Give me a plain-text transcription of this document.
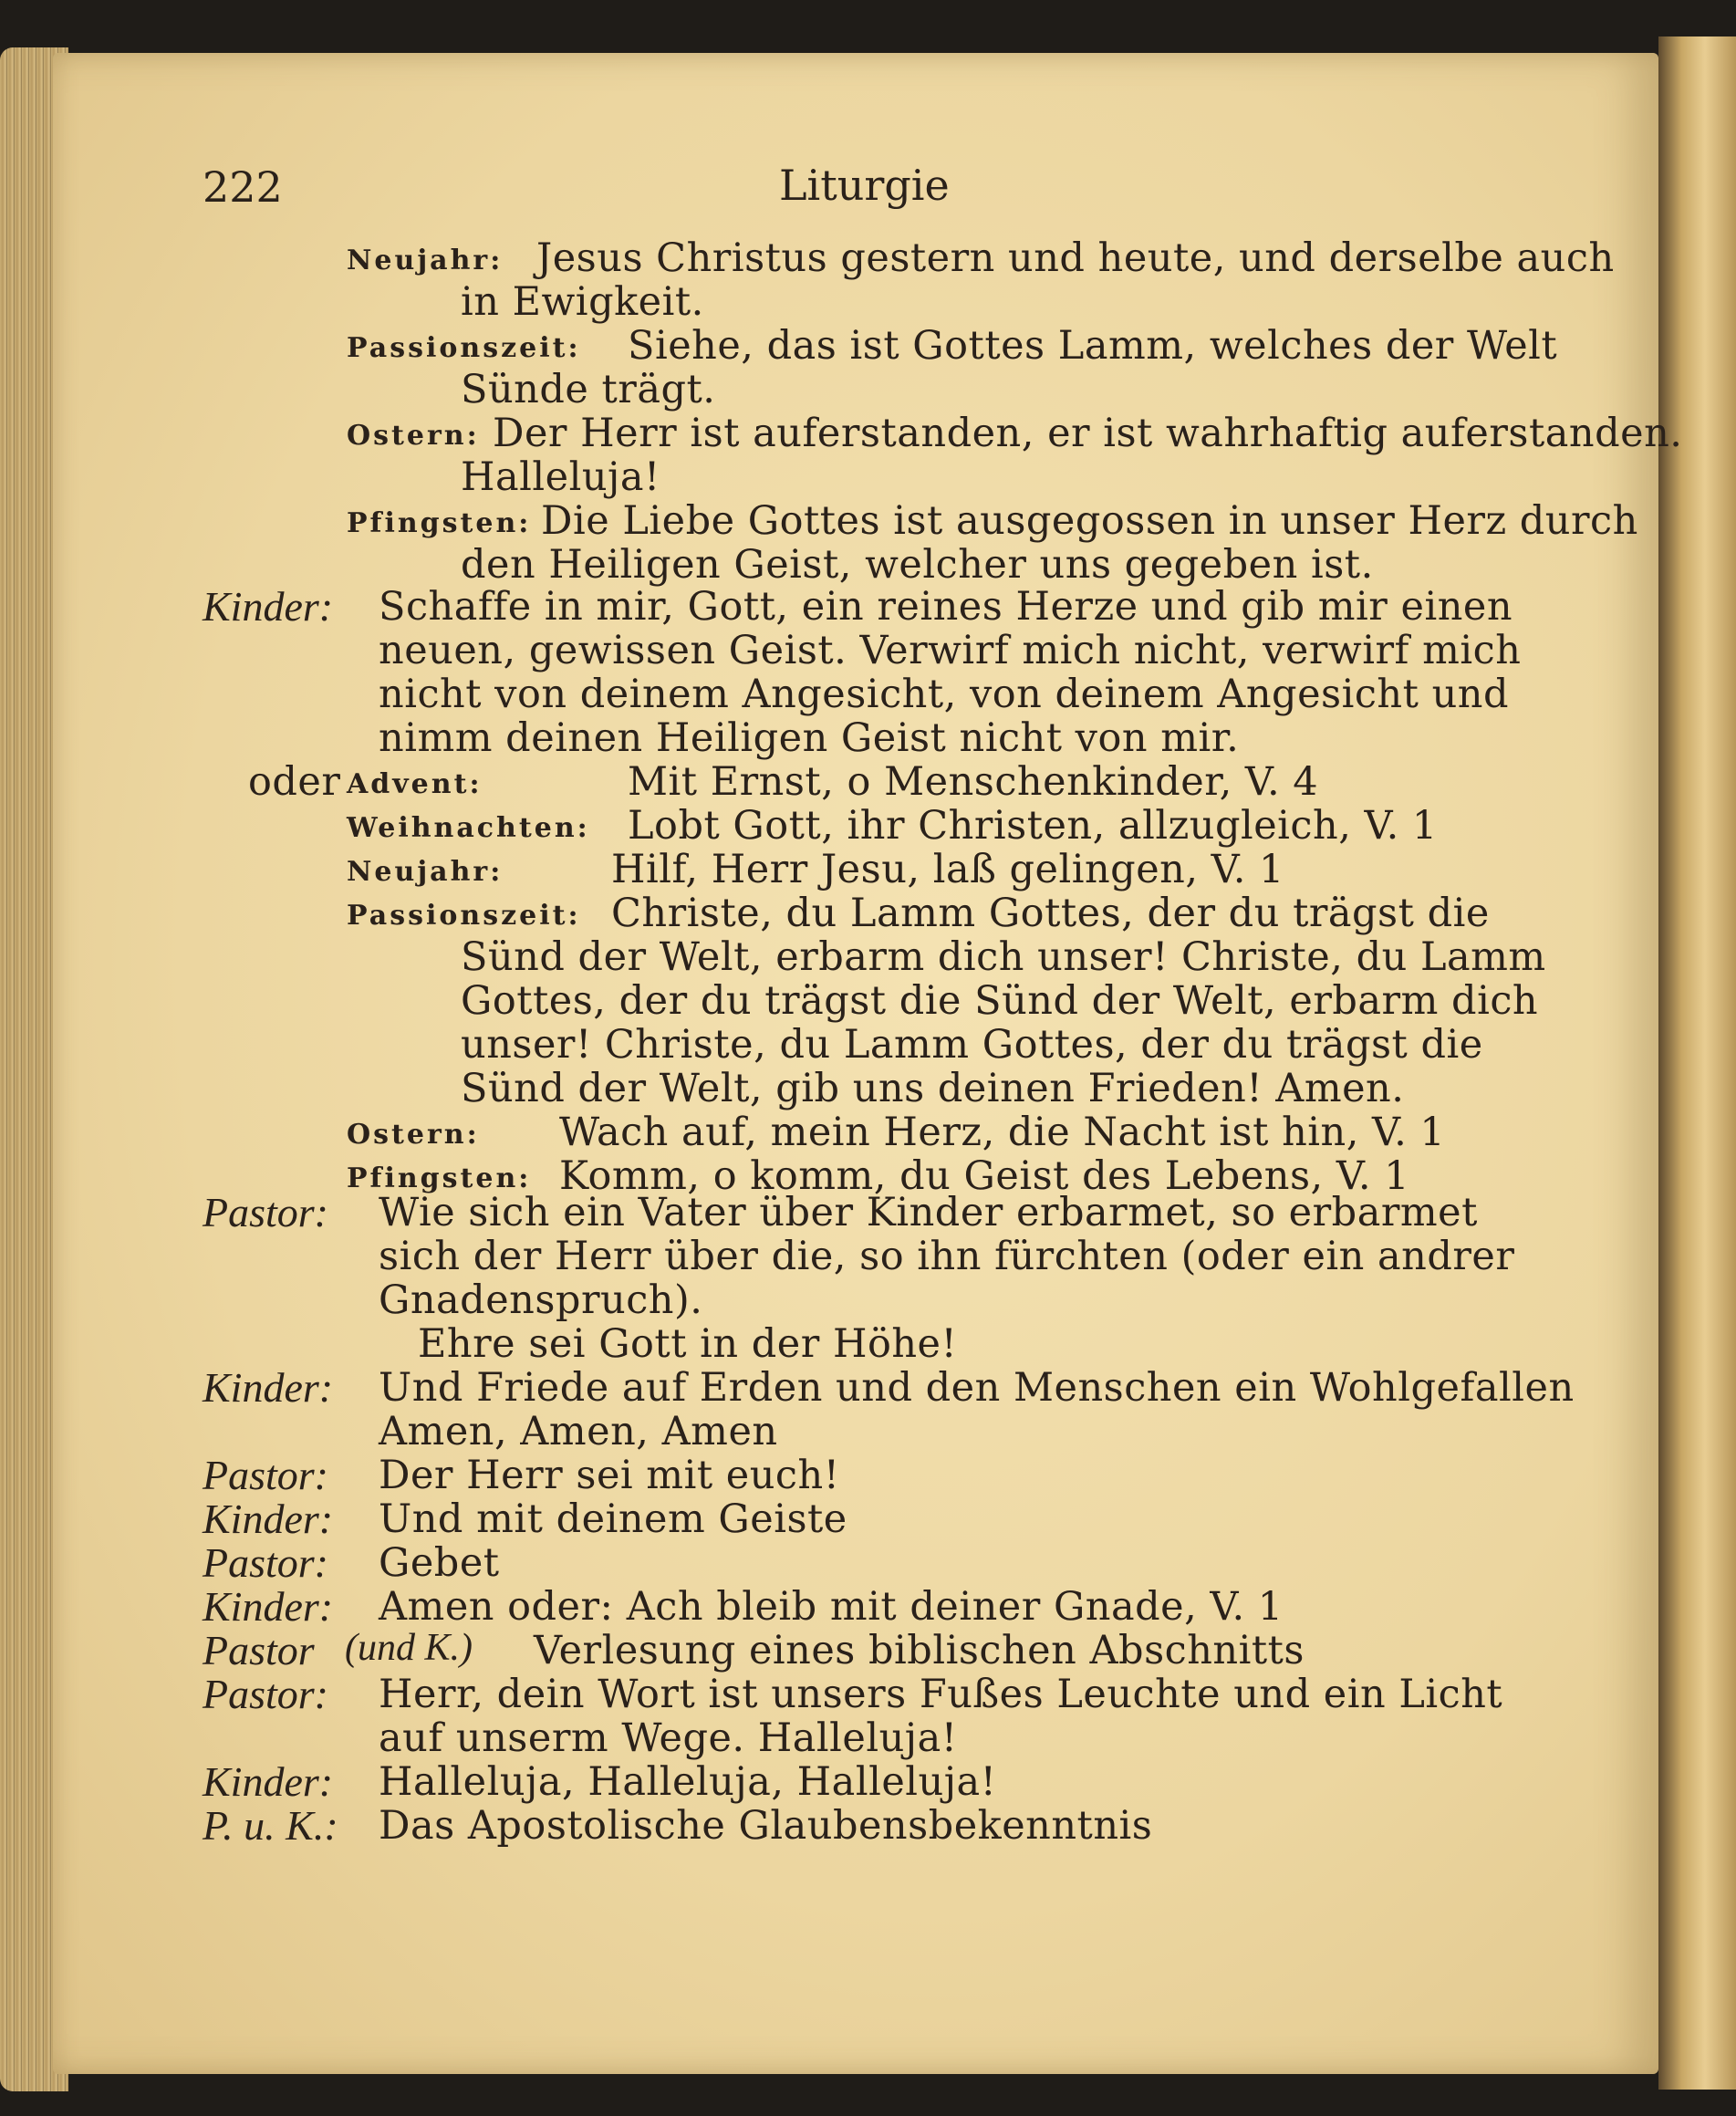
222	Liturgie
Neujahr: Jesus Christus gestern und heute, und derselbe auch
in Ewigkeit.
Passionszeit: Siehe, das ist Gottes Lamm, welches der Welt
Sünde trägt.
Ostern: Der Herr ist auferstanden, er ist wahrhaftig auferstanden.
Halleluja!
Pfingsten: Die Liebe Gottes ist ausgegossen in unser Herz durch
den Heiligen Geist, welcher uns gegeben ist.
Kinder: Schaffe in mir, Gott, ein reines Herze und gib mir einen
neuen, gewissen Geist. Verwirf mich nicht, verwirf mich
nicht von deinem Angesicht, von deinem Angesicht und
nimm deinen Heiligen Geist nicht von mir.
oder Advent:	Mit Ernst, o Menschenkinder, V. 4
Weihnachten: Lobt Gott, ihr Christen, allzugleich, V. 1
Neujahr:	Hilf, Herr Jesu, laß gelingen, V. 1
Passionszeit: Christe, du Lamm Gottes, der du trägst die
Sünd der Welt, erbarm dich unser! Christe, du Lamm
Gottes, der du trägst die Sünd der Welt, erbarm dich
unser! Christe, du Lamm Gottes, der du trägst die
Sünd der Welt, gib uns deinen Frieden! Amen.
Ostern: Wach auf, mein Herz, die Nacht ist hin, V. 1
Pfingsten: Komm, o komm, du Geist des Lebens, V. 1
Pastor: Wie sich ein Vater über Kinder erbarmet, so erbarmet
sich der Herr über die, so ihn fürchten (oder ein andrer
Gnadenspruch).
Ehre sei Gott in der Höhe!
Kinder: Und Friede auf Erden und den Menschen ein Wohlgefallen
Amen, Amen, Amen
Pastor: Der Herr sei mit euch!
Kinder: Und mit deinem Geiste
Pastor: Gebet
Kinder: Amen oder: Ach bleib mit deiner Gnade, V. 1
Pastor (und K.) Verlesung eines biblischen Abschnitts
Pastor: Herr, dein Wort ist unsers Fußes Leuchte und ein Licht
auf unserm Wege. Halleluja!
Kinder: Halleluja, Halleluja, Halleluja!
P. u. K.: Das Apostolische Glaubensbekenntnis
